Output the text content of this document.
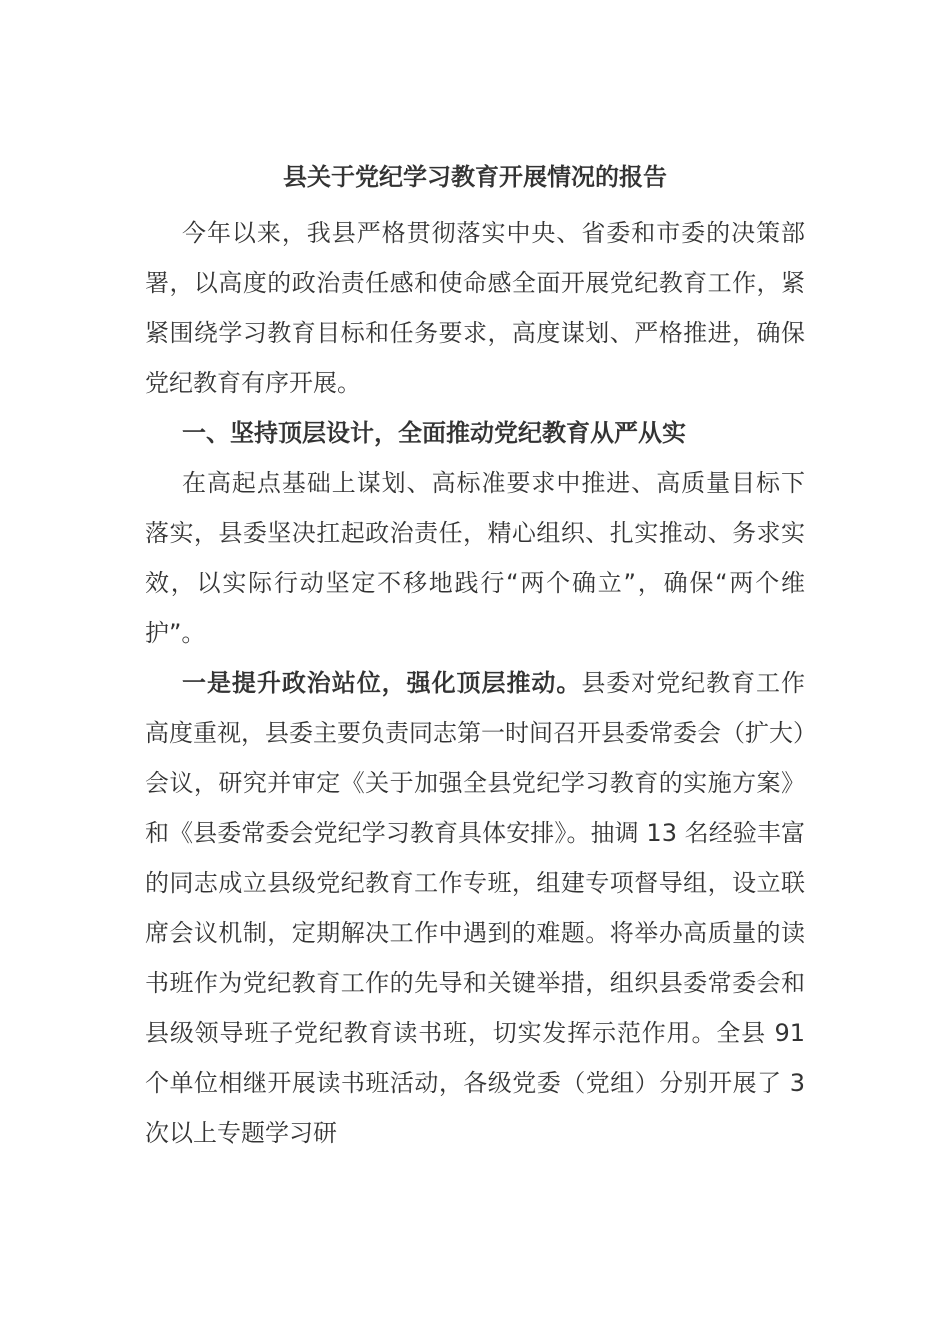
县关于党纪学习教育开展情况的报告

今年以来，我县严格贯彻落实中央、省委和市委的决策部署，以高度的政治责任感和使命感全面开展党纪教育工作，紧紧围绕学习教育目标和任务要求，高度谋划、严格推进，确保党纪教育有序开展。

一、坚持顶层设计，全面推动党纪教育从严从实

在高起点基础上谋划、高标准要求中推进、高质量目标下落实，县委坚决扛起政治责任，精心组织、扎实推动、务求实效，以实际行动坚定不移地践行“两个确立”，确保“两个维护”。

一是提升政治站位，强化顶层推动。县委对党纪教育工作高度重视，县委主要负责同志第一时间召开县委常委会（扩大）会议，研究并审定《关于加强全县党纪学习教育的实施方案》和《县委常委会党纪学习教育具体安排》。抽调 13 名经验丰富的同志成立县级党纪教育工作专班，组建专项督导组，设立联席会议机制，定期解决工作中遇到的难题。将举办高质量的读书班作为党纪教育工作的先导和关键举措，组织县委常委会和县级领导班子党纪教育读书班，切实发挥示范作用。全县 91 个单位相继开展读书班活动，各级党委（党组）分别开展了 3 次以上专题学习研
